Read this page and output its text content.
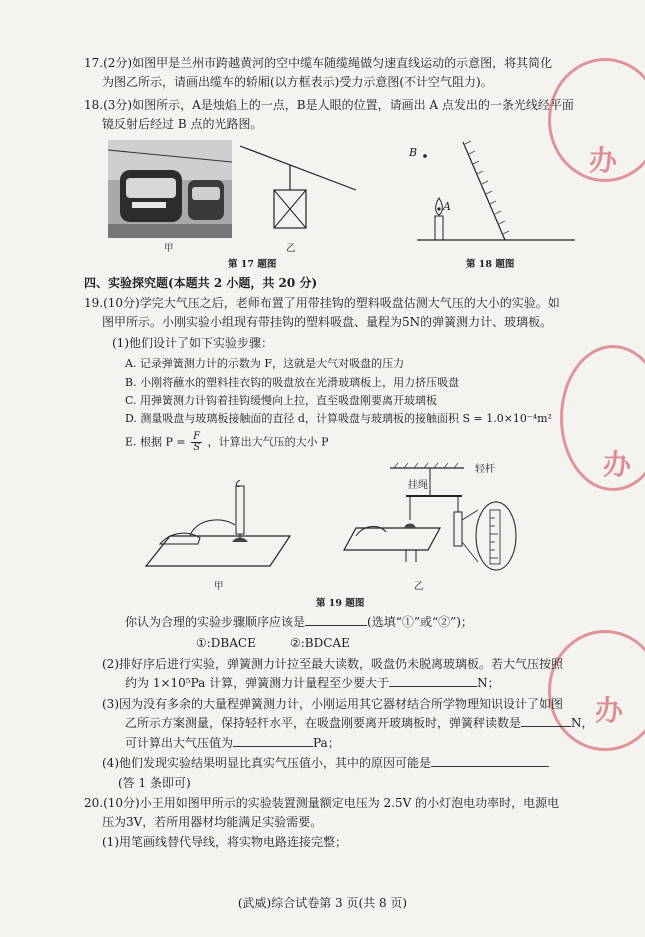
办
办
办
17.(2分)如图甲是兰州市跨越黄河的空中缆车随缆绳做匀速直线运动的示意图，将其简化
为图乙所示，请画出缆车的轿厢(以方框表示)受力示意图(不计空气阻力)。
18.(3分)如图所示，A是烛焰上的一点，B是人眼的位置，请画出 A 点发出的一条光线经平面
镜反射后经过 B 点的光路图。
甲	乙
第 17 题图
B
A
第 18 题图
四、实验探究题(本题共 2 小题，共 20 分)
19.(10分)学完大气压之后，老师布置了用带挂钩的塑料吸盘估测大气压的大小的实验。如
图甲所示。小刚实验小组现有带挂钩的塑料吸盘、量程为5N的弹簧测力计、玻璃板。
(1)他们设计了如下实验步骤：
A. 记录弹簧测力计的示数为 F，这就是大气对吸盘的压力
B. 小刚将蘸水的塑料挂衣钩的吸盘放在光滑玻璃板上，用力挤压吸盘
C. 用弹簧测力计钩着挂钩缓慢向上拉，直至吸盘刚要离开玻璃板
D. 测量吸盘与玻璃板接触面的直径 d，计算吸盘与玻璃板的接触面积 S = 1.0×10⁻⁴m²
E. 根据 $P = \frac{F}{S}$ ，计算出大气压的大小 P
甲
挂绳
轻杆
乙
第 19 题图
你认为合理的实验步骤顺序应该是	(选填“①”或“②”)；
①:DBACE	②:BDCAE
(2)排好序后进行实验，弹簧测力计拉至最大读数，吸盘仍未脱离玻璃板。若大气压按照
约为 1×10⁵Pa 计算，弹簧测力计量程至少要大于	N；
(3)因为没有多余的大量程弹簧测力计，小刚运用其它器材结合所学物理知识设计了如图
乙所示方案测量，保持轻杆水平，在吸盘刚要离开玻璃板时，弹簧秤读数是	N，
可计算出大气压值为	Pa；
(4)他们发现实验结果明显比真实气压值小，其中的原因可能是
(答 1 条即可)
20.(10分)小王用如图甲所示的实验装置测量额定电压为 2.5V 的小灯泡电功率时，电源电
压为3V，若所用器材均能满足实验需要。
(1)用笔画线替代导线，将实物电路连接完整；
(武威)综合试卷第 3 页(共 8 页)
